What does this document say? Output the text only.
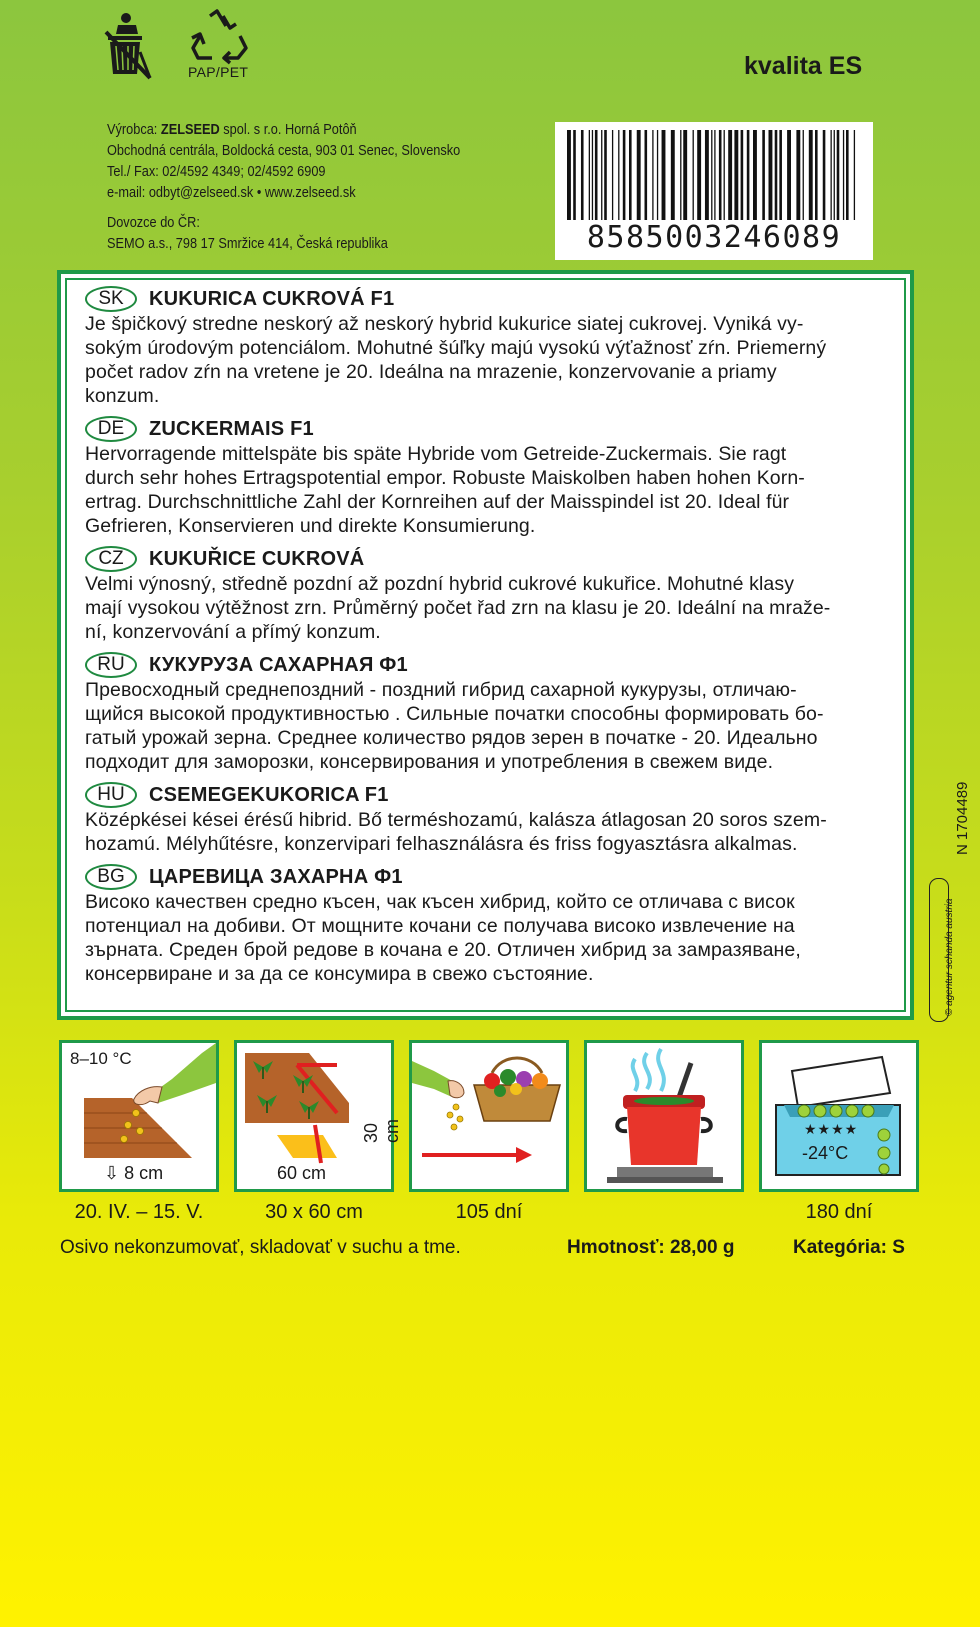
PAP/PET	kvalita ES

Výrobca: ZELSEED spol. s r.o. Horná Potôň

Obchodná centrála, Boldocká cesta, 903 01 Senec, Slovensko

Tel./ Fax: 02/4592 4349; 02/4592 6909

e-mail: odbyt@zelseed.sk • www.zelseed.sk

Dovozce do ČR:

SEMO a.s., 798 17 Smržice 414, Česká republika	8585003246089
SK	KUKURICA CUKROVÁ F1
Je špičkový stredne neskorý až neskorý hybrid kukurice siatej cukrovej. Vyniká vy-
sokým úrodovým potenciálom. Mohutné šúľky majú vysokú výťažnosť zŕn. Priemerný
počet radov zŕn na vretene je 20. Ideálna na mrazenie, konzervovanie a priamy
konzum.
DE	ZUCKERMAIS F1
Hervorragende mittelspäte bis späte Hybride vom Getreide-Zuckermais. Sie ragt
durch sehr hohes Ertragspotential empor. Robuste Maiskolben haben hohen Korn-
ertrag. Durchschnittliche Zahl der Kornreihen auf der Maisspindel ist 20. Ideal für
Gefrieren, Konservieren und direkte Konsumierung.
CZ	KUKUŘICE CUKROVÁ
Velmi výnosný, středně pozdní až pozdní hybrid cukrové kukuřice. Mohutné klasy
mají vysokou výtěžnost zrn. Průměrný počet řad zrn na klasu je 20. Ideální na mraže-
ní, konzervování a přímý konzum.
RU	КУКУРУЗА САХАРНАЯ Ф1
Превосходный среднепоздний - поздний гибрид сахарной кукурузы, отличаю-
щийся высокой продуктивностью . Сильные початки способны формировать бо-
гатый урожай зерна. Среднее количество рядов зерен в початке - 20. Идеально
подходит для заморозки, консервирования и употребления в свежем виде.
HU	CSEMEGEKUKORICA F1
Középkései kései érésű hibrid. Bő terméshozamú, kalásza átlagosan 20 soros szem-
hozamú. Mélyhűtésre, konzervipari felhasználásra és friss fogyasztásra alkalmas.
BG	ЦАРЕВИЦА ЗАХАРНА Ф1
Високо качествен средно късен, чак късен хибрид, който се отличава с висок
потенциал на добиви. От мощните кочани се получава високо извлечение на
зърната. Среден брой редове в кочана е 20. Отличен хибрид за замразяване,
консервиране и за да се консумира в свежо състояние.
N 1704489
© agentur schanda austria
8–10 °C
⇩ 8 cm
30 cm
60 cm
★★★★
-24°C
20. IV. – 15. V.	30 x 60 cm	105 dní	180 dní
Osivo nekonzumovať, skladovať v suchu a tme.	Hmotnosť: 28,00 g	Kategória: S
